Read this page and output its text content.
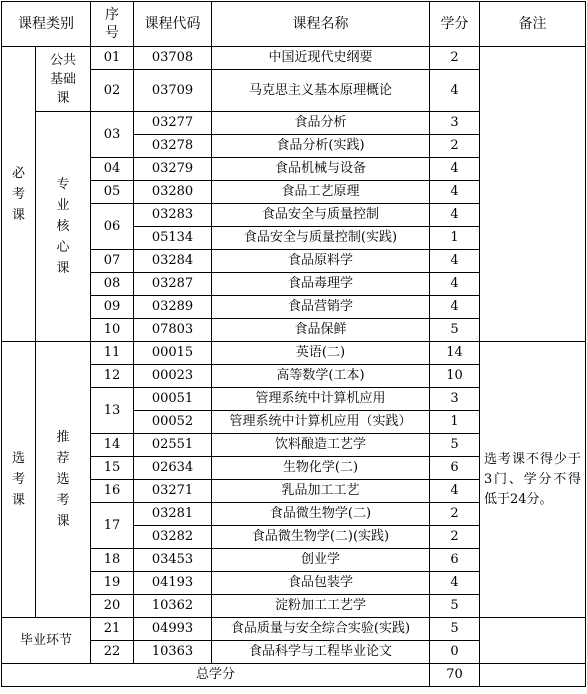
课程类别		序号	课程代码	课程名称	学分	备注
必考课	公共基础课	01	03708	中国近现代史纲要	2	
		02	03709	马克思主义基本原理概论	4	
	专业核心课	03	03277	食品分析	3	
			03278	食品分析(实践)	2	
		04	03279	食品机械与设备	4	
		05	03280	食品工艺原理	4	
		06	03283	食品安全与质量控制	4	
			05134	食品安全与质量控制(实践)	1	
		07	03284	食品原料学	4	
		08	03287	食品毒理学	4	
		09	03289	食品营销学	4	
		10	07803	食品保鲜	5	
选考课	推荐选考课	11	00015	英语(二)	14	选考课不得少于3门、学分不得低于24分。
		12	00023	高等数学(工本)	10	
		13	00051	管理系统中计算机应用	3	
			00052	管理系统中计算机应用（实践）	1	
		14	02551	饮料酿造工艺学	5	
		15	02634	生物化学(二)	6	
		16	03271	乳品加工工艺	4	
		17	03281	食品微生物学(二)	2	
			03282	食品微生物学(二)(实践)	2	
		18	03453	创业学	6	
		19	04193	食品包装学	4	
		20	10362	淀粉加工工艺学	5	
毕业环节		21	04993	食品质量与安全综合实验(实践)	5	
		22	10363	食品科学与工程毕业论文	0	
总学分					70	
